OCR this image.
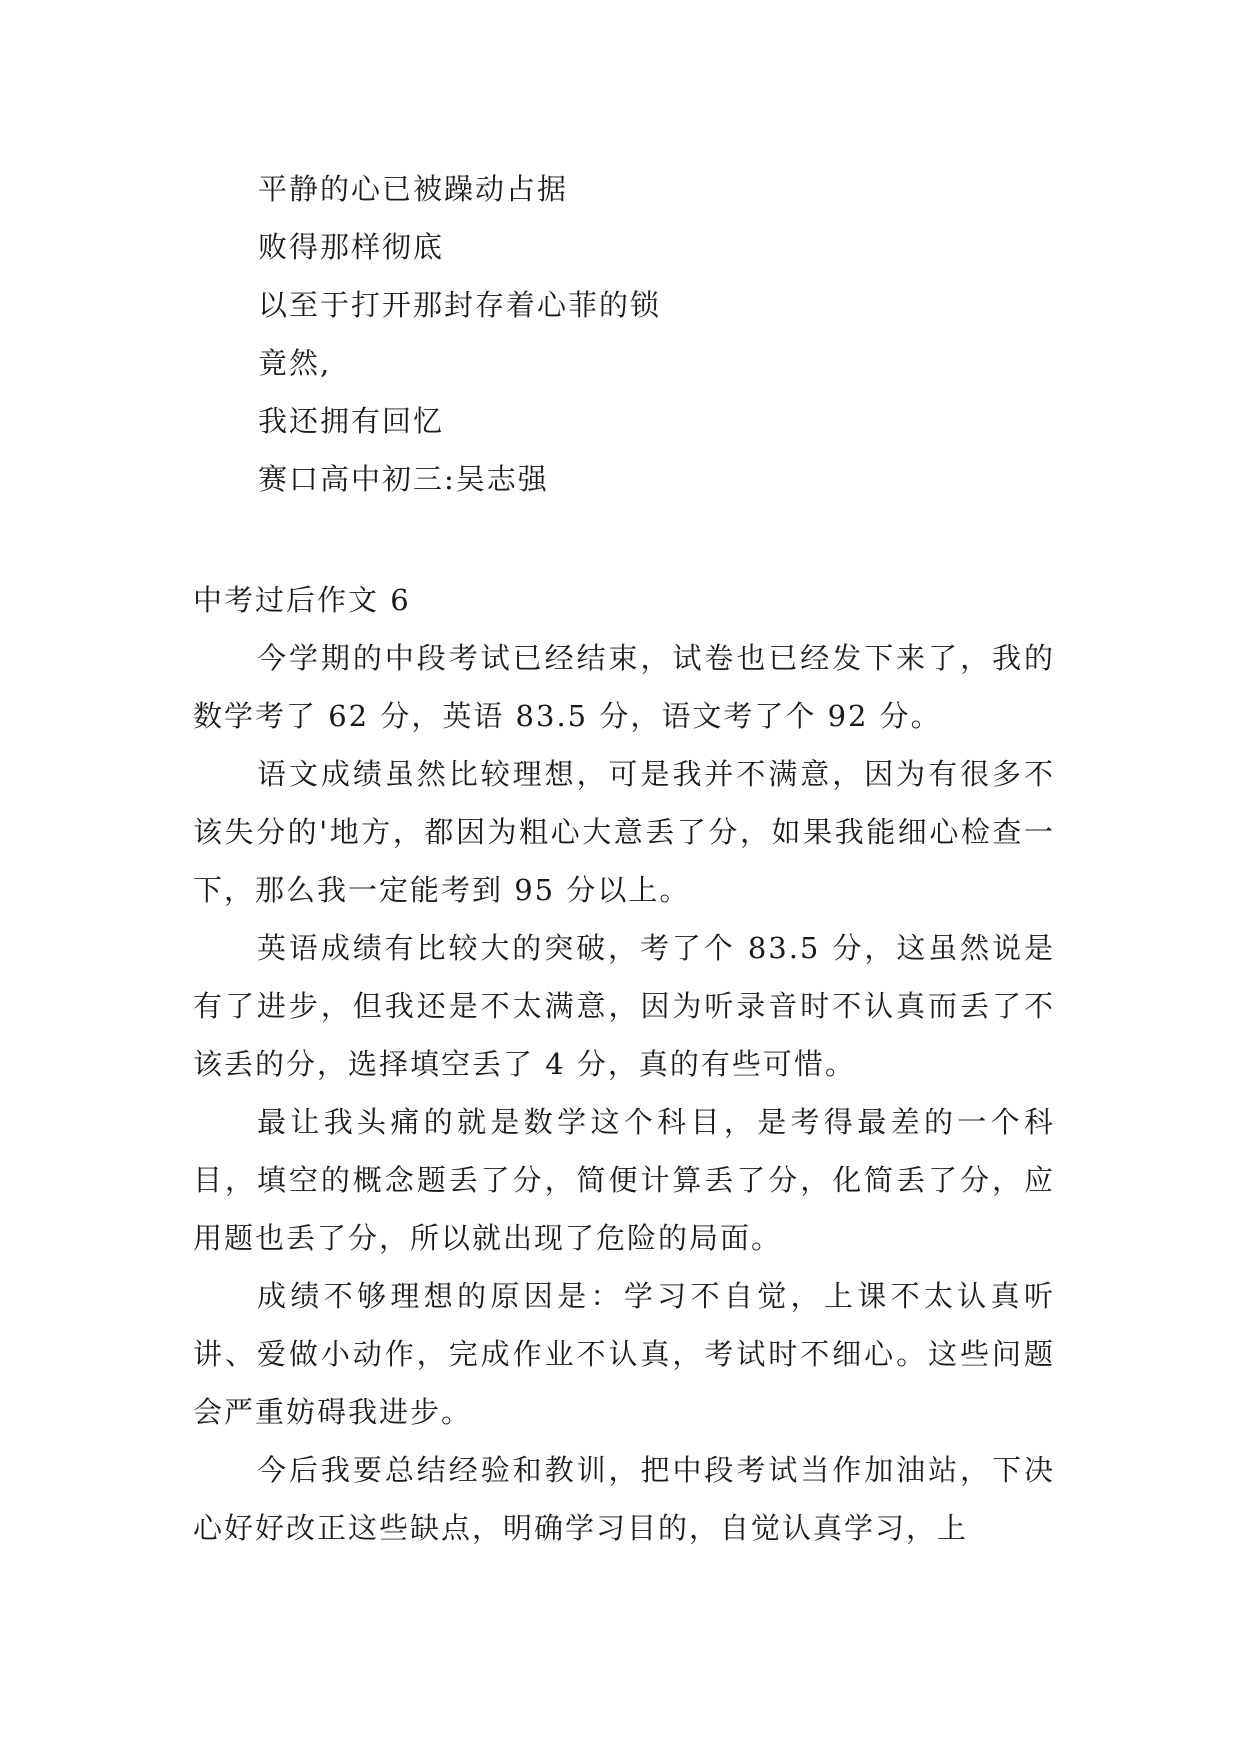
平静的心已被躁动占据
败得那样彻底
以至于打开那封存着心菲的锁
竟然,
我还拥有回忆
赛口高中初三:吴志强
中考过后作文 6

今学期的中段考试已经结束，试卷也已经发下来了，我的数学考了 62 分，英语 83.5 分，语文考了个 92 分。

语文成绩虽然比较理想，可是我并不满意，因为有很多不该失分的'地方，都因为粗心大意丢了分，如果我能细心检查一下，那么我一定能考到 95 分以上。

英语成绩有比较大的突破，考了个 83.5 分，这虽然说是有了进步，但我还是不太满意，因为听录音时不认真而丢了不该丢的分，选择填空丢了 4 分，真的有些可惜。

最让我头痛的就是数学这个科目，是考得最差的一个科目，填空的概念题丢了分，简便计算丢了分，化简丢了分，应用题也丢了分，所以就出现了危险的局面。

成绩不够理想的原因是：学习不自觉，上课不太认真听讲、爱做小动作，完成作业不认真，考试时不细心。这些问题会严重妨碍我进步。

今后我要总结经验和教训，把中段考试当作加油站，下决心好好改正这些缺点，明确学习目的，自觉认真学习，上
